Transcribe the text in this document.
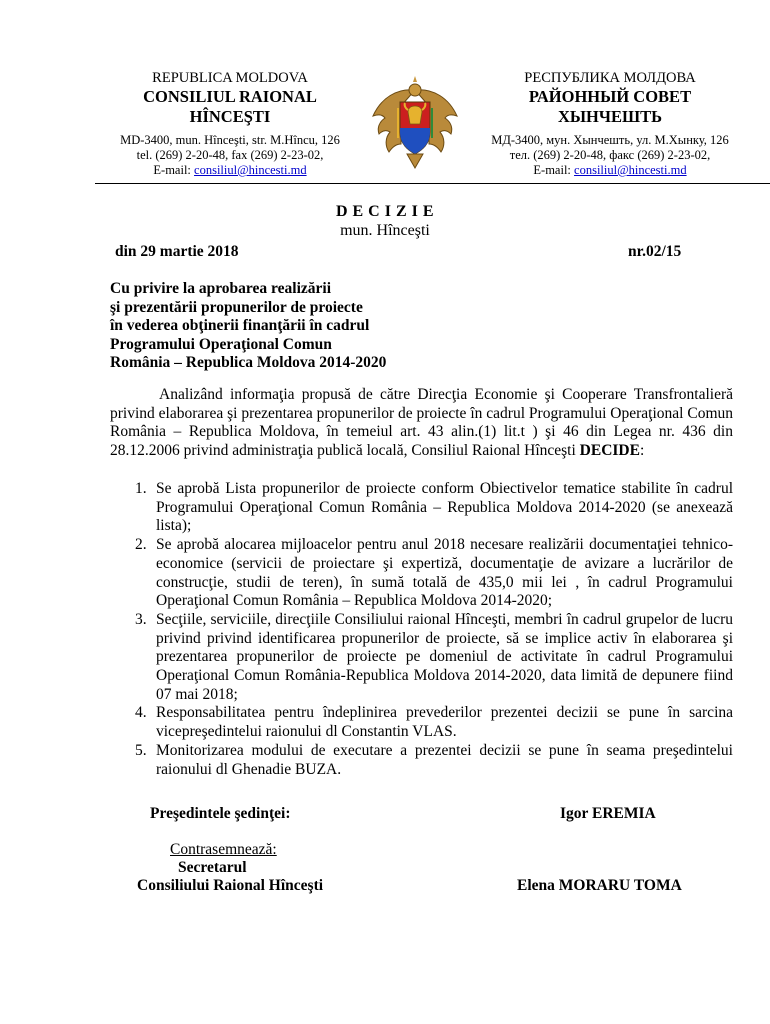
REPUBLICA MOLDOVA
CONSILIUL RAIONAL
HÎNCEŞTI
MD-3400, mun. Hînceşti, str. M.Hîncu, 126
tel. (269) 2-20-48, fax (269) 2-23-02,
E-mail: consiliul@hincesti.md
РЕСПУБЛИКА МОЛДОВА
РАЙОННЫЙ СОВЕТ
ХЫНЧЕШТЬ
МД-3400, мун. Хынчешть, ул. М.Хынку, 126
тел. (269) 2-20-48, факс (269) 2-23-02,
E-mail: consiliul@hincesti.md
D E C I Z I E
mun. Hînceşti
din 29 martie 2018	nr.02/15
Cu privire la aprobarea realizării
şi prezentării propunerilor de proiecte
în vederea obţinerii finanţării în cadrul
Programului Operaţional Comun
România – Republica Moldova 2014-2020
Analizând informaţia propusă de către Direcţia Economie şi Cooperare Transfrontalieră privind elaborarea şi prezentarea propunerilor de proiecte în cadrul Programului Operaţional Comun România – Republica Moldova, în temeiul art. 43 alin.(1) lit.t ) şi 46 din Legea nr. 436 din 28.12.2006 privind administraţia publică locală, Consiliul Raional Hînceşti DECIDE:
1. Se aprobă Lista propunerilor de proiecte conform Obiectivelor tematice stabilite în cadrul Programului Operaţional Comun România – Republica Moldova 2014-2020 (se anexează lista);
2. Se aprobă alocarea mijloacelor pentru anul 2018 necesare realizării documentaţiei tehnico-economice (servicii de proiectare şi expertiză, documentaţie de avizare a lucrărilor de construcţie, studii de teren), în sumă totală de 435,0 mii lei , în cadrul Programului Operaţional Comun România – Republica Moldova 2014-2020;
3. Secţiile, serviciile, direcţiile Consiliului raional Hînceşti, membri în cadrul grupelor de lucru privind privind identificarea propunerilor de proiecte, să se implice activ în elaborarea şi prezentarea propunerilor de proiecte pe domeniul de activitate în cadrul Programului Operaţional Comun România-Republica Moldova 2014-2020, data limită de depunere fiind 07 mai 2018;
4. Responsabilitatea pentru îndeplinirea prevederilor prezentei decizii se pune în sarcina vicepreşedintelui raionului dl Constantin VLAS.
5. Monitorizarea modului de executare a prezentei decizii se pune în seama preşedintelui raionului dl Ghenadie BUZA.
Preşedintele şedinţei:	Igor EREMIA
Contrasemnează:
Secretarul
Consiliului Raional Hînceşti	Elena MORARU TOMA
